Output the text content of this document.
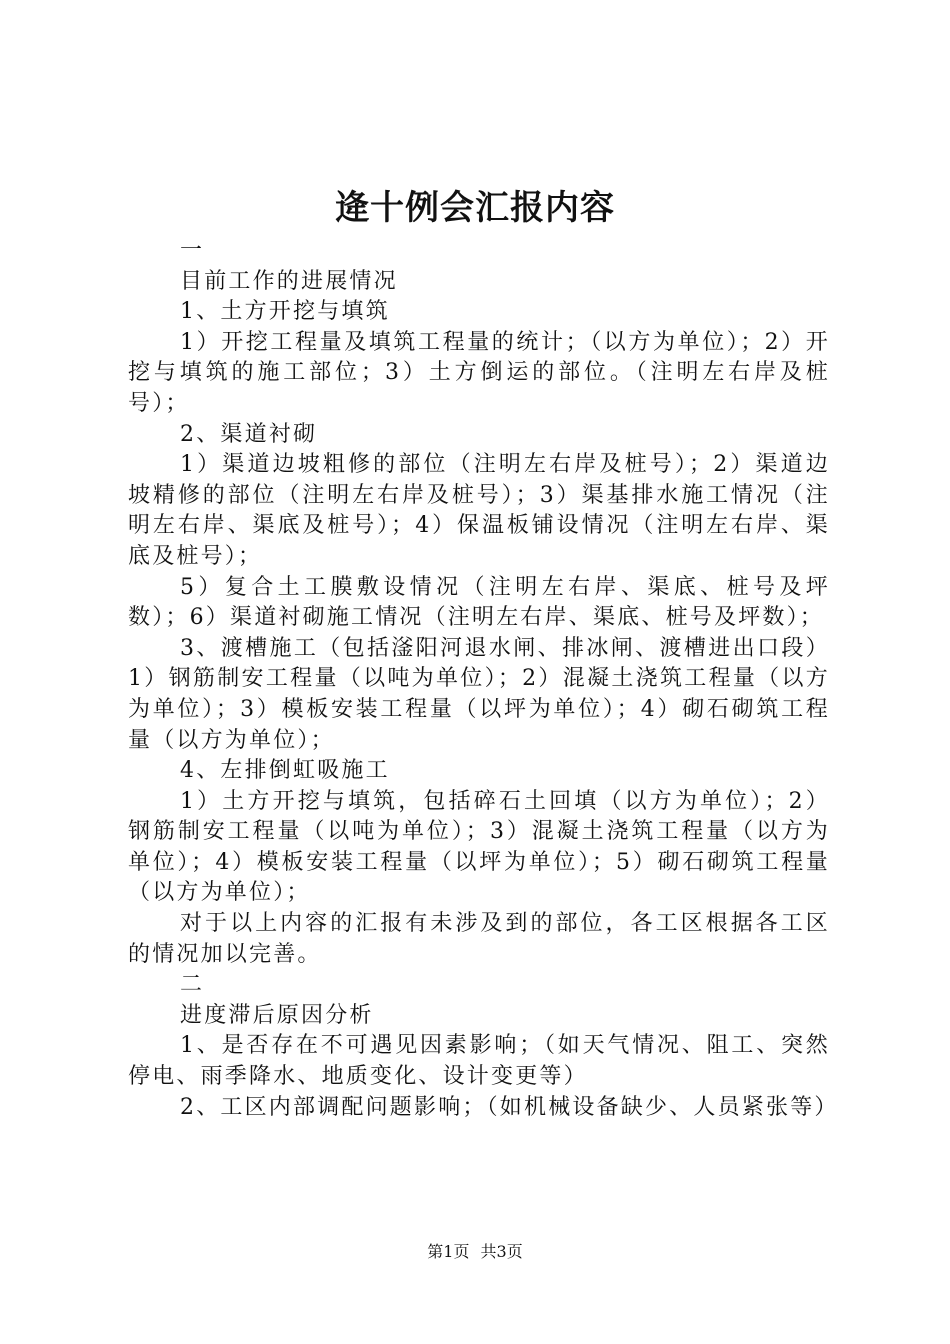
逄十例会汇报内容

一

目前工作的进展情况

1、土方开挖与填筑

1）开挖工程量及填筑工程量的统计；（以方为单位）；2）开挖与填筑的施工部位；3）土方倒运的部位。（注明左右岸及桩号）；

2、渠道衬砌

1）渠道边坡粗修的部位（注明左右岸及桩号）；2）渠道边坡精修的部位（注明左右岸及桩号）；3）渠基排水施工情况（注明左右岸、渠底及桩号）；4）保温板铺设情况（注明左右岸、渠底及桩号）；

5）复合土工膜敷设情况（注明左右岸、渠底、桩号及坪数）；6）渠道衬砌施工情况（注明左右岸、渠底、桩号及坪数）；

3、渡槽施工（包括滏阳河退水闸、排冰闸、渡槽进出口段）1）钢筋制安工程量（以吨为单位）；2）混凝土浇筑工程量（以方为单位）；3）模板安装工程量（以坪为单位）；4）砌石砌筑工程量（以方为单位）；

4、左排倒虹吸施工

1）土方开挖与填筑，包括碎石土回填（以方为单位）；2）钢筋制安工程量（以吨为单位）；3）混凝土浇筑工程量（以方为单位）；4）模板安装工程量（以坪为单位）；5）砌石砌筑工程量（以方为单位）；

对于以上内容的汇报有未涉及到的部位，各工区根据各工区的情况加以完善。

二

进度滞后原因分析

1、是否存在不可遇见因素影响；（如天气情况、阻工、突然停电、雨季降水、地质变化、设计变更等）

2、工区内部调配问题影响；（如机械设备缺少、人员紧张等）

第1页 共3页
